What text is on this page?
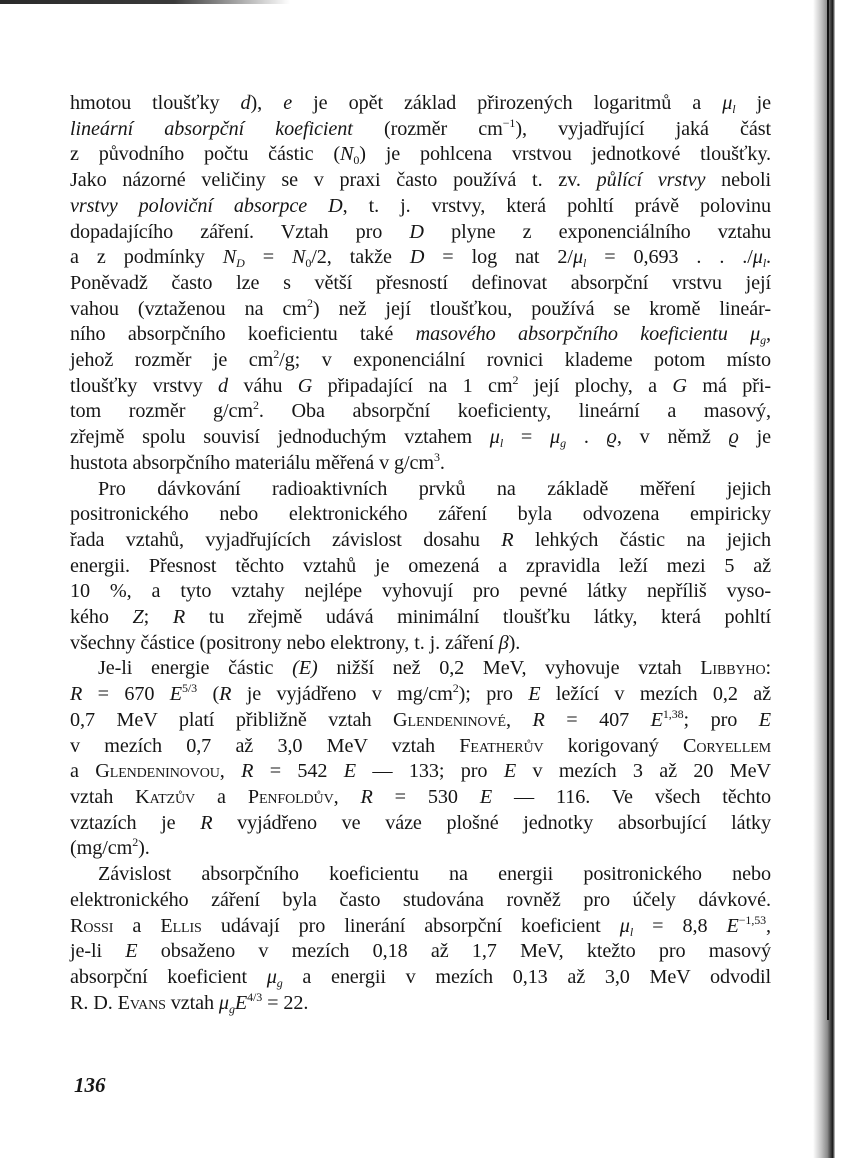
hmotou tloušťky d), e je opět základ přirozených logaritmů a $\mu_l$ je
lineární absorpční koeficient (rozměr $cm^{-1}$), vyjadřující jaká část
z původního počtu částic $(N_0)$ je pohlcena vrstvou jednotkové tloušťky.
Jako názorné veličiny se v praxi často používá t. zv. půlící vrstvy neboli
vrstvy poloviční absorpce D, t. j. vrstvy, která pohltí právě polovinu
dopadajícího záření. Vztah pro D plyne z exponenciálního vztahu
a z podmínky $N_D = N_0/2$, takže D = log nat $2/\mu_l = 0,693$ . . $./\mu_l$.
Poněvadž často lze s větší přesností definovat absorpční vrstvu její
vahou (vztaženou na $cm^2$) než její tloušťkou, používá se kromě lineár-
ního absorpčního koeficientu také masového absorpčního koeficientu $\mu_g$,
jehož rozměr je $cm^2/g$; v exponenciální rovnici klademe potom místo
tloušťky vrstvy d váhu G připadající na 1 $cm^2$ její plochy, a G má při-
tom rozměr $g/cm^2$. Oba absorpční koeficienty, lineární a masový,
zřejmě spolu souvisí jednoduchým vztahem $\mu_l = \mu_g$ . ϱ, v němž ϱ je
hustota absorpčního materiálu měřená v $g/cm^3$.

Pro dávkování radioaktivních prvků na základě měření jejich
positronického nebo elektronického záření byla odvozena empiricky
řada vztahů, vyjadřujících závislost dosahu R lehkých částic na jejich
energii. Přesnost těchto vztahů je omezená a zpravidla leží mezi 5 až
10 %, a tyto vztahy nejlépe vyhovují pro pevné látky nepříliš vyso-
kého Z; R tu zřejmě udává minimální tloušťku látky, která pohltí
všechny částice (positrony nebo elektrony, t. j. záření β).

Je-li energie částic (E) nižší než 0,2 MeV, vyhovuje vztah Libbyho:
R = 670 $E^{5/3}$ (R je vyjádřeno v $mg/cm^2$); pro E ležící v mezích 0,2 až
0,7 MeV platí přibližně vztah Glendeninové, R = 407 E$^{1,38}$; pro E
v mezích 0,7 až 3,0 MeV vztah Featherův korigovaný Coryellem
a Glendeninovou, R = 542 E — 133; pro E v mezích 3 až 20 MeV
vztah Katzův a Penfoldův, R = 530 E — 116. Ve všech těchto
vztazích je R vyjádřeno ve váze plošné jednotky absorbující látky
$(mg/cm^2)$.

Závislost absorpčního koeficientu na energii positronického nebo
elektronického záření byla často studována rovněž pro účely dávkové.
Rossi a Ellis udávají pro linerání absorpční koeficient $\mu_l = 8,8$ $E^{-1,53}$,
je-li E obsaženo v mezích 0,18 až 1,7 MeV, ktežto pro masový
absorpční koeficient $\mu_g$ a energii v mezích 0,13 až 3,0 MeV odvodil
R. D. Evans vztah $\mu_gE^{4/3} = 22$.

136
